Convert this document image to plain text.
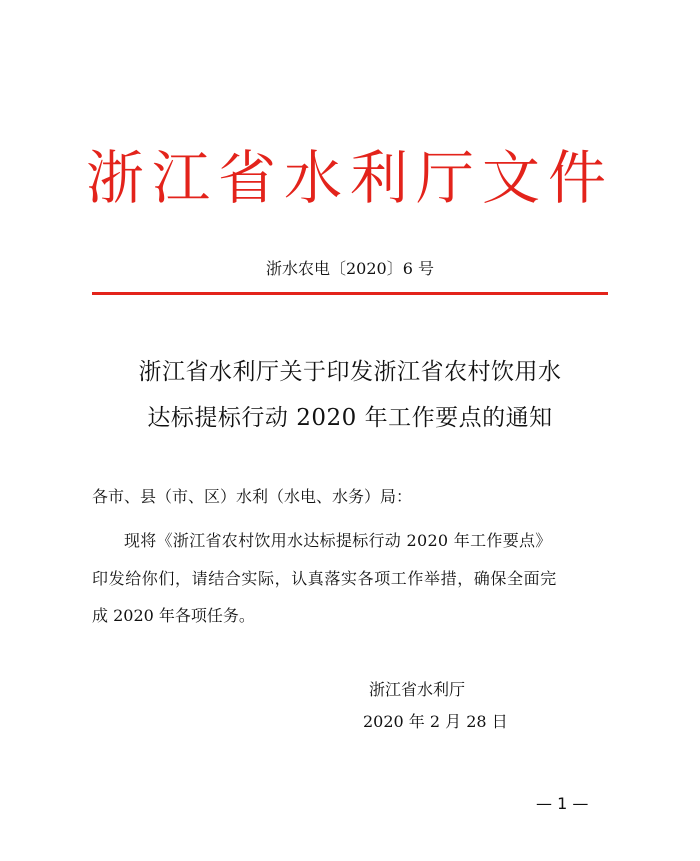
浙江省水利厅文件
浙水农电〔2020〕6 号
浙江省水利厅关于印发浙江省农村饮用水
达标提标行动 2020 年工作要点的通知
各市、县（市、区）水利（水电、水务）局：
现将《浙江省农村饮用水达标提标行动 2020 年工作要点》
印发给你们，请结合实际，认真落实各项工作举措，确保全面完
成 2020 年各项任务。
浙江省水利厅
2020 年 2 月 28 日
— 1 —
